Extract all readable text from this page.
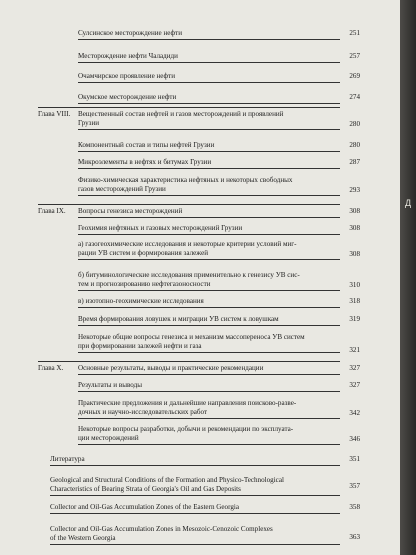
Сулсинское месторождение нефти	251
Месторождение нефти Чаладиди	257
Очамчирское проявление нефти	269
Окумское месторождение нефти	274
Глава VIII. Вещественный состав нефтей и газов месторождений и проявлений
Грузии	280
Компонентный состав и типы нефтей Грузии	280
Микроэлементы в нефтях и битумах Грузии	287
Физико-химическая характеристика нефтяных и некоторых свободных
газов месторождений Грузии	293
Глава IX. Вопросы генезиса месторождений	308
Геохимия нефтяных и газовых месторождений Грузии	308
а) газогеохимические исследования и некоторые критерии условий миг-
рации УВ систем и формирования залежей	308
б) битуминологические исследования применительно к генезису УВ сис-
тем и прогнозированию нефтегазоносности	310
в) изотопно-геохимические исследования	318
Время формирования ловушек и миграции УВ систем к ловушкам	319
Некоторые общие вопросы генезиса и механизм массопереноса УВ систем
при формировании залежей нефти и газа	321
Глава X. Основные результаты, выводы и практические рекомендации	327
Результаты и выводы	327
Практические предложения и дальнейшие направления поисково-разве-
дочных и научно-исследовательских работ	342
Некоторые вопросы разработки, добычи и рекомендации по эксплуата-
ции месторождений	346
Литература	351
Geological and Structural Conditions of the Formation and Physico-Technological
Characteristics of Bearing Strata of Georgia's Oil and Gas Deposits	357
Collector and Oil-Gas Accumulation Zones of the Eastern Georgia	358
Collector and Oil-Gas Accumulation Zones in Mesozoic-Cenozoic Complexes
of the Western Georgia	363
Д
